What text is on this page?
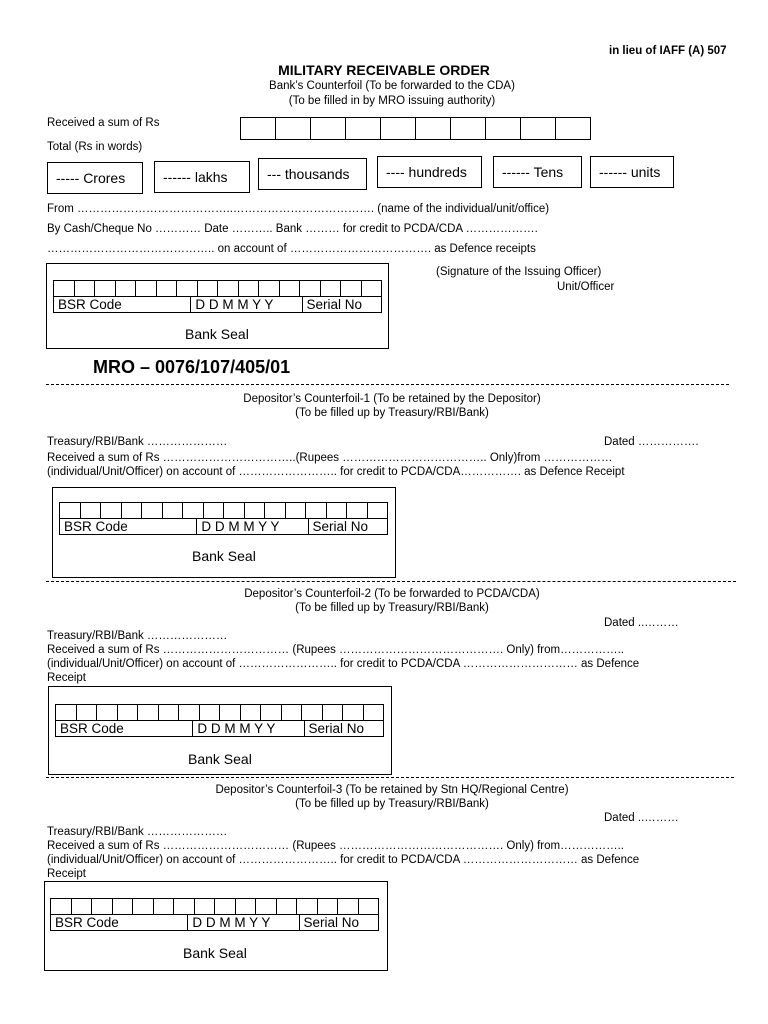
in lieu of IAFF (A) 507
MILITARY RECEIVABLE ORDER
Bank’s Counterfoil (To be forwarded to the CDA)
(To be filled in by MRO issuing authority)
Received a sum of Rs
Total (Rs in words)
----- Crores	------ lakhs	--- thousands	---- hundreds	------ Tens	------ units
From …………………………………..………………………………. (name of the individual/unit/office)
By Cash/Cheque No ………… Date ……….. Bank ……… for credit to PCDA/CDA ……………….
…………………………………….. on account of ………………………………. as Defence receipts
BSR Code	D D M M Y Y	Serial No
Bank Seal
(Signature of the Issuing Officer)
Unit/Officer
MRO – 0076/107/405/01
Depositor’s Counterfoil-1 (To be retained by the Depositor)
(To be filled up by Treasury/RBI/Bank)
Treasury/RBI/Bank …………………	Dated …………….
Received a sum of Rs ……………………………..(Rupees ……………………………….. Only)from ………………
(individual/Unit/Officer) on account of …………………….. for credit to PCDA/CDA……………. as Defence Receipt
BSR Code	D D M M Y Y	Serial No
Bank Seal
Depositor’s Counterfoil-2 (To be forwarded to PCDA/CDA)
(To be filled up by Treasury/RBI/Bank)
Dated ..………
Treasury/RBI/Bank …………………
Received a sum of Rs …………………………… (Rupees ……………………………………. Only) from……………..
(individual/Unit/Officer) on account of …………………….. for credit to PCDA/CDA ………………………… as Defence
Receipt
BSR Code	D D M M Y Y	Serial No
Bank Seal
Depositor’s Counterfoil-3 (To be retained by Stn HQ/Regional Centre)
(To be filled up by Treasury/RBI/Bank)
Dated ..………
Treasury/RBI/Bank …………………
Received a sum of Rs …………………………… (Rupees ……………………………………. Only) from……………..
(individual/Unit/Officer) on account of …………………….. for credit to PCDA/CDA ………………………… as Defence
Receipt
BSR Code	D D M M Y Y	Serial No
Bank Seal
